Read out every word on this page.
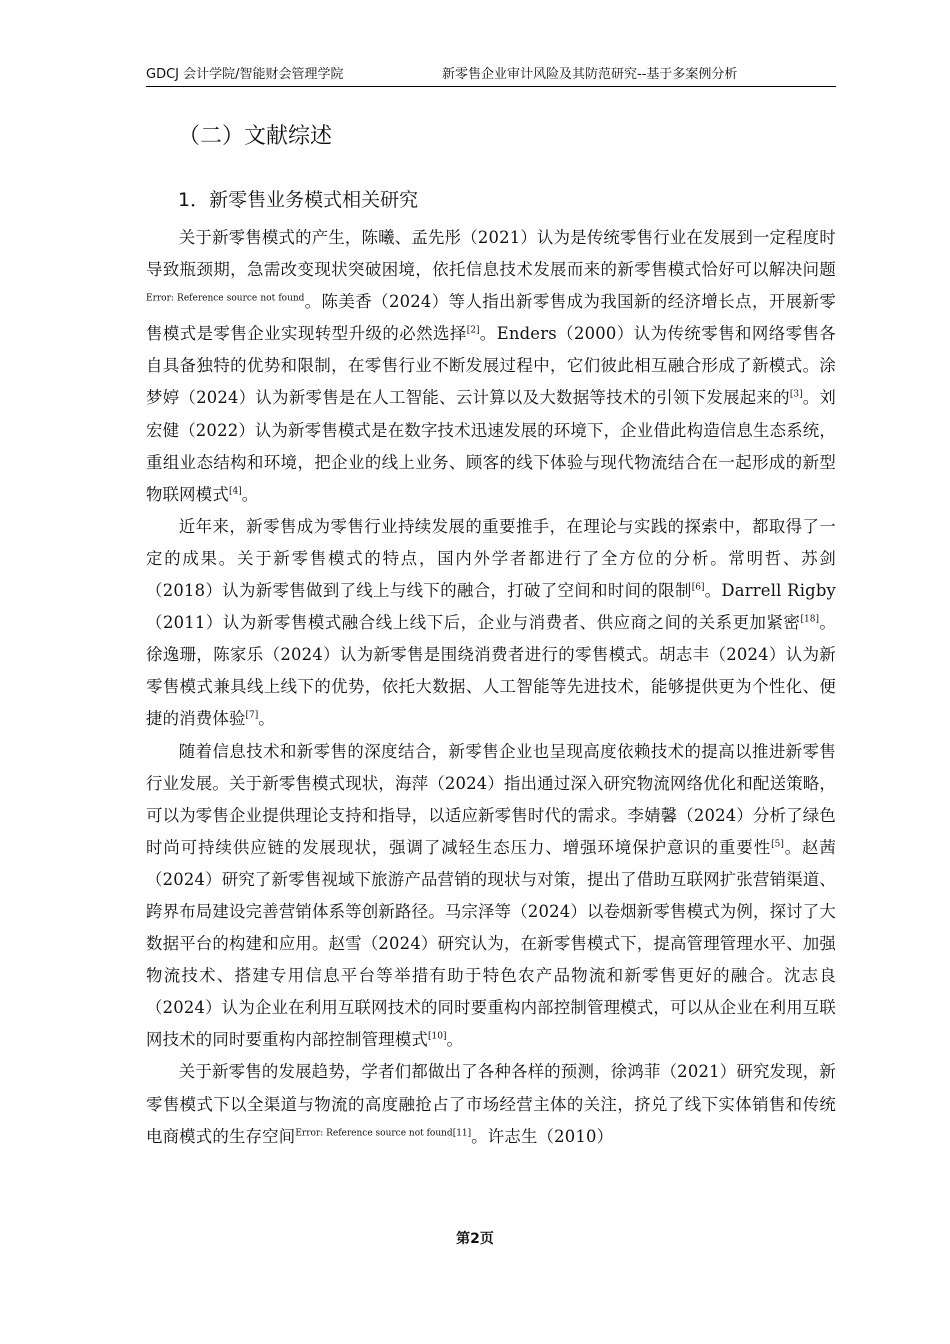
GDCJ 会计学院/智能财会管理学院	新零售企业审计风险及其防范研究--基于多案例分析
（二）文献综述
1．新零售业务模式相关研究

关于新零售模式的产生，陈曦、孟先彤（2021）认为是传统零售行业在发展到一定程度时导致瓶颈期，急需改变现状突破困境，依托信息技术发展而来的新零售模式恰好可以解决问题$^{Error: Reference source not found}$。陈美香（2024）等人指出新零售成为我国新的经济增长点，开展新零售模式是零售企业实现转型升级的必然选择[2]。Enders（2000）认为传统零售和网络零售各自具备独特的优势和限制，在零售行业不断发展过程中，它们彼此相互融合形成了新模式。涂梦婷（2024）认为新零售是在人工智能、云计算以及大数据等技术的引领下发展起来的[3]。刘宏健（2022）认为新零售模式是在数字技术迅速发展的环境下，企业借此构造信息生态系统，重组业态结构和环境，把企业的线上业务、顾客的线下体验与现代物流结合在一起形成的新型物联网模式[4]。

近年来，新零售成为零售行业持续发展的重要推手，在理论与实践的探索中，都取得了一定的成果。关于新零售模式的特点，国内外学者都进行了全方位的分析。常明哲、苏剑（2018）认为新零售做到了线上与线下的融合，打破了空间和时间的限制[6]。Darrell Rigby（2011）认为新零售模式融合线上线下后，企业与消费者、供应商之间的关系更加紧密[18]。徐逸珊，陈家乐（2024）认为新零售是围绕消费者进行的零售模式。胡志丰（2024）认为新零售模式兼具线上线下的优势，依托大数据、人工智能等先进技术，能够提供更为个性化、便捷的消费体验[7]。

随着信息技术和新零售的深度结合，新零售企业也呈现高度依赖技术的提高以推进新零售行业发展。关于新零售模式现状，海萍（2024）指出通过深入研究物流网络优化和配送策略，可以为零售企业提供理论支持和指导，以适应新零售时代的需求。李婧馨（2024）分析了绿色时尚可持续供应链的发展现状，强调了减轻生态压力、增强环境保护意识的重要性[5]。赵茜（2024）研究了新零售视域下旅游产品营销的现状与对策，提出了借助互联网扩张营销渠道、跨界布局建设完善营销体系等创新路径。马宗泽等（2024）以卷烟新零售模式为例，探讨了大数据平台的构建和应用。赵雪（2024）研究认为，在新零售模式下，提高管理管理水平、加强物流技术、搭建专用信息平台等举措有助于特色农产品物流和新零售更好的融合。沈志良（2024）认为企业在利用互联网技术的同时要重构内部控制管理模式，可以从企业在利用互联网技术的同时要重构内部控制管理模式[10]。

关于新零售的发展趋势，学者们都做出了各种各样的预测，徐鸿菲（2021）研究发现，新零售模式下以全渠道与物流的高度融抢占了市场经营主体的关注，挤兑了线下实体销售和传统电商模式的生存空间$^{Error: Reference source not found[11]}$。许志生（2010）

第2页
